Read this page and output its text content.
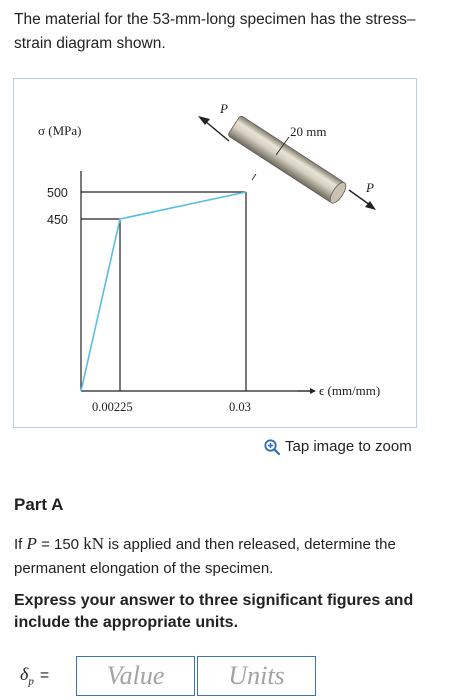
The material for the 53-mm-long specimen has the stress–strain diagram shown.
σ (MPa)
500
450
0.00225	0.03
ϵ (mm/mm)
P
P
20 mm
Tap image to zoom
Part A
If P = 150 kN is applied and then released, determine the permanent elongation of the specimen.
Express your answer to three significant figures and include the appropriate units.
$\delta_p$ =	Value	Units
